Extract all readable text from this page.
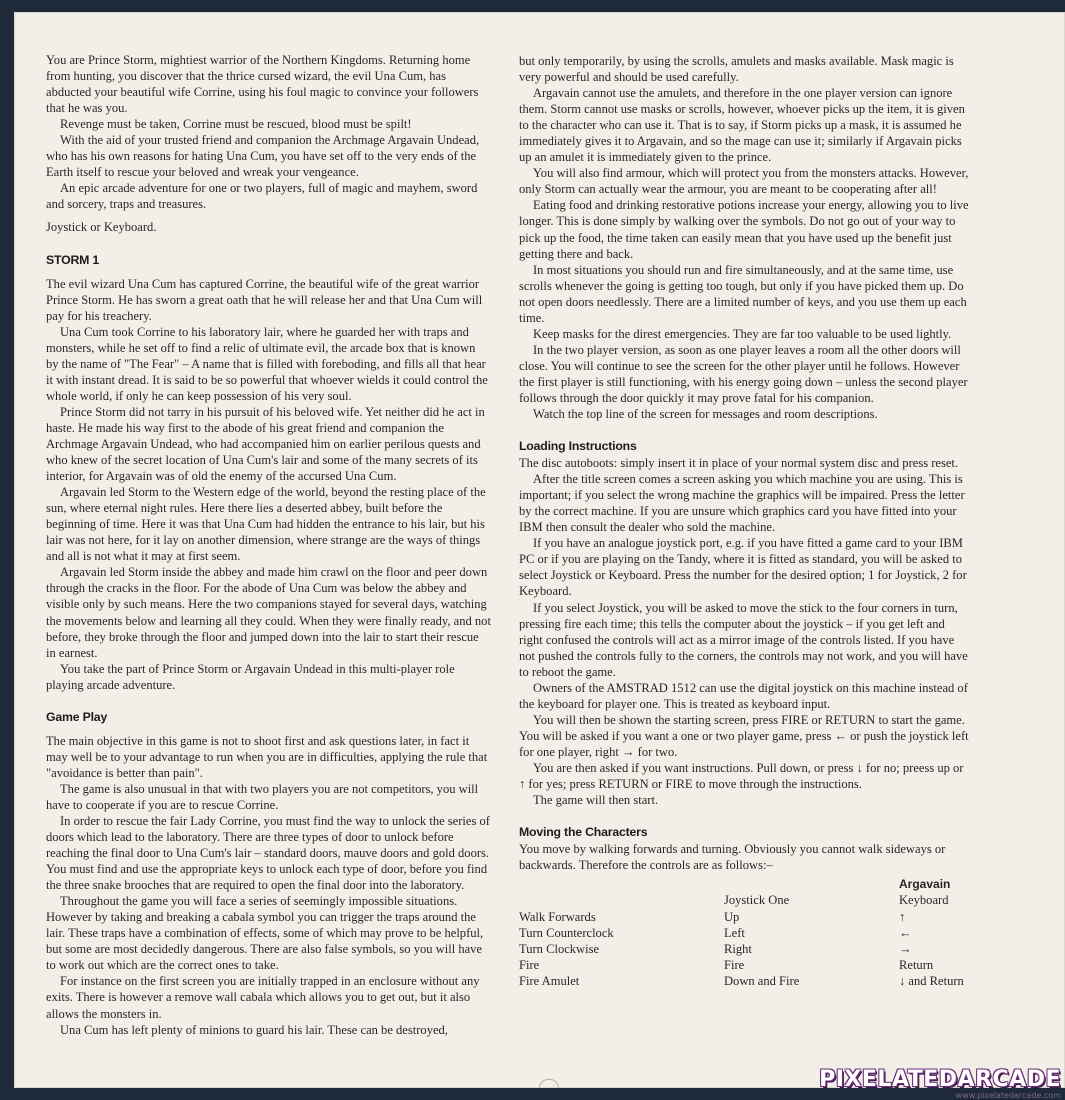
You are Prince Storm, mightiest warrior of the Northern Kingdoms. Returning home from hunting, you discover that the thrice cursed wizard, the evil Una Cum, has abducted your beautiful wife Corrine, using his foul magic to convince your followers that he was you.

Revenge must be taken, Corrine must be rescued, blood must be spilt!

With the aid of your trusted friend and companion the Archmage Argavain Undead, who has his own reasons for hating Una Cum, you have set off to the very ends of the Earth itself to rescue your beloved and wreak your vengeance.

An epic arcade adventure for one or two players, full of magic and mayhem, sword and sorcery, traps and treasures.

Joystick or Keyboard.

STORM 1

The evil wizard Una Cum has captured Corrine, the beautiful wife of the great warrior Prince Storm. He has sworn a great oath that he will release her and that Una Cum will pay for his treachery.

Una Cum took Corrine to his laboratory lair, where he guarded her with traps and monsters, while he set off to find a relic of ultimate evil, the arcade box that is known by the name of "The Fear" – A name that is filled with foreboding, and fills all that hear it with instant dread. It is said to be so powerful that whoever wields it could control the whole world, if only he can keep possession of his very soul.

Prince Storm did not tarry in his pursuit of his beloved wife. Yet neither did he act in haste. He made his way first to the abode of his great friend and companion the Archmage Argavain Undead, who had accompanied him on earlier perilous quests and who knew of the secret location of Una Cum's lair and some of the many secrets of its interior, for Argavain was of old the enemy of the accursed Una Cum.

Argavain led Storm to the Western edge of the world, beyond the resting place of the sun, where eternal night rules. Here there lies a deserted abbey, built before the beginning of time. Here it was that Una Cum had hidden the entrance to his lair, but his lair was not here, for it lay on another dimension, where strange are the ways of things and all is not what it may at first seem.

Argavain led Storm inside the abbey and made him crawl on the floor and peer down through the cracks in the floor. For the abode of Una Cum was below the abbey and visible only by such means. Here the two companions stayed for several days, watching the movements below and learning all they could. When they were finally ready, and not before, they broke through the floor and jumped down into the lair to start their rescue in earnest.

You take the part of Prince Storm or Argavain Undead in this multi-player role playing arcade adventure.

Game Play

The main objective in this game is not to shoot first and ask questions later, in fact it may well be to your advantage to run when you are in difficulties, applying the rule that "avoidance is better than pain".

The game is also unusual in that with two players you are not competitors, you will have to cooperate if you are to rescue Corrine.

In order to rescue the fair Lady Corrine, you must find the way to unlock the series of doors which lead to the laboratory. There are three types of door to unlock before reaching the final door to Una Cum's lair – standard doors, mauve doors and gold doors. You must find and use the appropriate keys to unlock each type of door, before you find the three snake brooches that are required to open the final door into the laboratory.

Throughout the game you will face a series of seemingly impossible situations. However by taking and breaking a cabala symbol you can trigger the traps around the lair. These traps have a combination of effects, some of which may prove to be helpful, but some are most decidedly dangerous. There are also false symbols, so you will have to work out which are the correct ones to take.

For instance on the first screen you are initially trapped in an enclosure without any exits. There is however a remove wall cabala which allows you to get out, but it also allows the monsters in.

Una Cum has left plenty of minions to guard his lair. These can be destroyed,

but only temporarily, by using the scrolls, amulets and masks available. Mask magic is very powerful and should be used carefully.

Argavain cannot use the amulets, and therefore in the one player version can ignore them. Storm cannot use masks or scrolls, however, whoever picks up the item, it is given to the character who can use it. That is to say, if Storm picks up a mask, it is assumed he immediately gives it to Argavain, and so the mage can use it; similarly if Argavain picks up an amulet it is immediately given to the prince.

You will also find armour, which will protect you from the monsters attacks. However, only Storm can actually wear the armour, you are meant to be cooperating after all!

Eating food and drinking restorative potions increase your energy, allowing you to live longer. This is done simply by walking over the symbols. Do not go out of your way to pick up the food, the time taken can easily mean that you have used up the benefit just getting there and back.

In most situations you should run and fire simultaneously, and at the same time, use scrolls whenever the going is getting too tough, but only if you have picked them up. Do not open doors needlessly. There are a limited number of keys, and you use them up each time.

Keep masks for the direst emergencies. They are far too valuable to be used lightly.

In the two player version, as soon as one player leaves a room all the other doors will close. You will continue to see the screen for the other player until he follows. However the first player is still functioning, with his energy going down – unless the second player follows through the door quickly it may prove fatal for his companion.

Watch the top line of the screen for messages and room descriptions.

Loading Instructions

The disc autoboots: simply insert it in place of your normal system disc and press reset.

After the title screen comes a screen asking you which machine you are using. This is important; if you select the wrong machine the graphics will be impaired. Press the letter by the correct machine. If you are unsure which graphics card you have fitted into your IBM then consult the dealer who sold the machine.

If you have an analogue joystick port, e.g. if you have fitted a game card to your IBM PC or if you are playing on the Tandy, where it is fitted as standard, you will be asked to select Joystick or Keyboard. Press the number for the desired option; 1 for Joystick, 2 for Keyboard.

If you select Joystick, you will be asked to move the stick to the four corners in turn, pressing fire each time; this tells the computer about the joystick – if you get left and right confused the controls will act as a mirror image of the controls listed. If you have not pushed the controls fully to the corners, the controls may not work, and you will have to reboot the game.

Owners of the AMSTRAD 1512 can use the digital joystick on this machine instead of the keyboard for player one. This is treated as keyboard input.

You will then be shown the starting screen, press FIRE or RETURN to start the game. You will be asked if you want a one or two player game, press ← or push the joystick left for one player, right → for two.

You are then asked if you want instructions. Pull down, or press ↓ for no; preess up or ↑ for yes; press RETURN or FIRE to move through the instructions.

The game will then start.

Moving the Characters

You move by walking forwards and turning. Obviously you cannot walk sideways or backwards. Therefore the controls are as follows:–

		Argavain
	Joystick One	Keyboard
Walk Forwards	Up	↑
Turn Counterclock	Left	←
Turn Clockwise	Right	→
Fire	Fire	Return
Fire Amulet	Down and Fire	↓ and Return
PIXELATEDARCADE
www.pixelatedarcade.com
